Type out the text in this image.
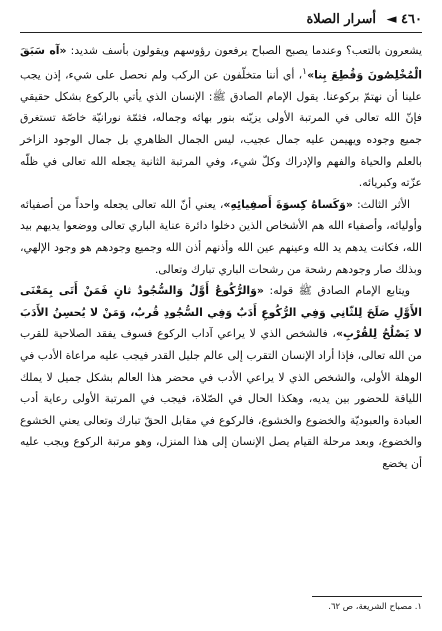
٤٦٠ ◄ أسرار الصلاة

يشعرون بالتعب؟ وعندما يصبح الصباح يرفعون رؤوسهم ويقولون بأسف شديد: «آه سَبَقَ الْمُخْلِصُونَ وَقُطِعَ بِنا»$^١$، أي أننا متخلّفون عن الركب ولم نحصل على شيء، إذن يجب علينا أن نهتمّ بركوعنا. يقول الإمام الصادق ﷺ: الإنسان الذي يأتي بالركوع بشكل حقيقي فإنّ الله تعالى في المرتبة الأولى يزيّنه بنور بهائه وجماله، فثمّة نورانيّة خاصّة تستغرق جميع وجوده ويهيمن عليه جمال عجيب، ليس الجمال الظاهري بل جمال الوجود الزاخر بالعلم والحياة والفهم والإدراك وكلّ شيء، وفي المرتبة الثانية يجعله الله تعالى في ظلّه عزّته وكبريائه.

الأثر الثالث: «وَكَساهُ كِسوَةَ أَصفِيائِهِ»، يعني أنّ الله تعالى يجعله واحداً من أصفيائه وأوليائه، وأصفياء الله هم الأشخاص الذين دخلوا دائرة عناية الباري تعالى ووضعوا يديهم بيد الله، فكانت يدهم يد الله وعينهم عين الله وأذنهم أذن الله وجميع وجودهم هو وجود الإلهي، وبذلك صار وجودهم رشحة من رشحات الباري تبارك وتعالى.

ويتابع الإمام الصادق ﷺ قوله: «وَالرُّكُوعُ أَوَّلٌ وَالسُّجُودُ ثانٍ فَمَنْ أَتَى بِمَعْنَى الأَوَّلِ صَلَحَ لِلثّانِي وَفِي الرُّكُوعِ أَدَبٌ وَفِي السُّجُودِ قُربٌ، وَمَنْ لا يُحسِنُ الأَدَبَ لا يَصْلُحُ لِلقُرْبِ»، فالشخص الذي لا يراعي آداب الركوع فسوف يفقد الصلاحية للقرب من الله تعالى، فإذا أراد الإنسان التقرب إلى عالم جليل القدر فيجب عليه مراعاة الأدب في الوهلة الأولى، والشخص الذي لا يراعي الأدب في محضر هذا العالم بشكل جميل لا يملك اللياقة للحضور بين يديه، وهكذا الحال في الصّلاة، فيجب في المرتبة الأولى رعاية أدب العبادة والعبوديّة والخضوع والخشوع، فالركوع في مقابل الحقّ تبارك وتعالى يعني الخشوع والخضوع، وبعد مرحلة القيام يصل الإنسان إلى هذا المنزل، وهو مرتبة الركوع ويجب عليه أن يخضع

١. مصباح الشريعة، ص ٦٢.
